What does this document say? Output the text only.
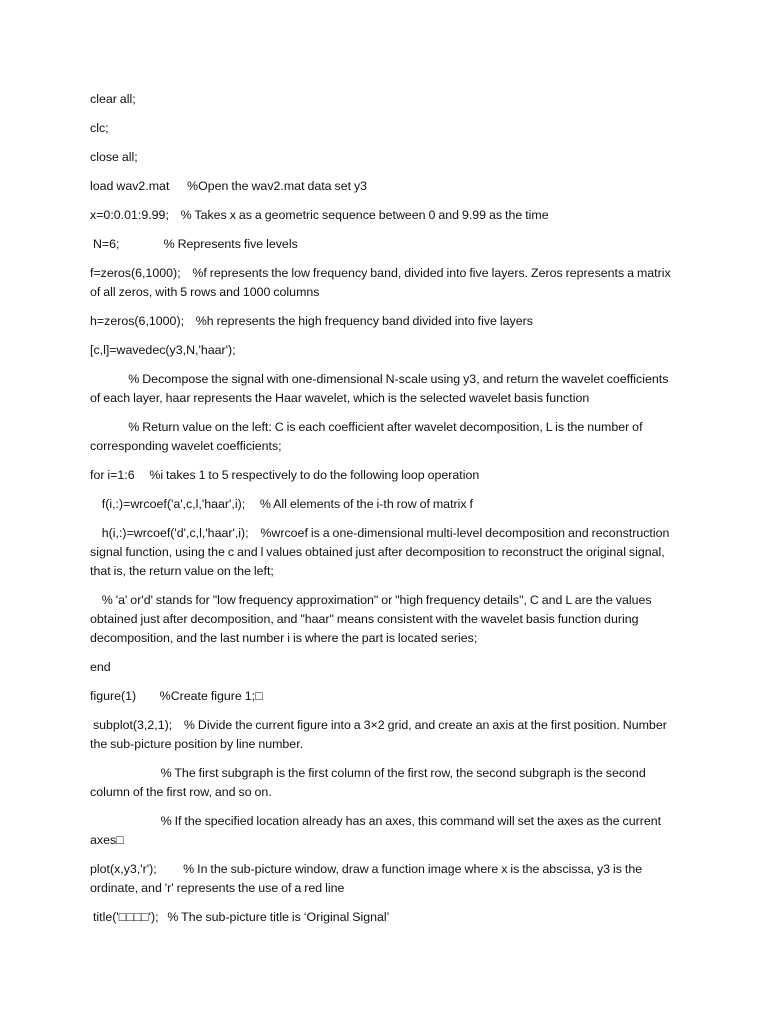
clear all;

clc;

close all;

load wav2.mat      %Open the wav2.mat data set y3

x=0:0.01:9.99;    % Takes x as a geometric sequence between 0 and 9.99 as the time

N=6;               % Represents five levels

f=zeros(6,1000);    %f represents the low frequency band, divided into five layers. Zeros represents a matrix of all zeros, with 5 rows and 1000 columns

h=zeros(6,1000);    %h represents the high frequency band divided into five layers

[c,l]=wavedec(y3,N,'haar');

% Decompose the signal with one-dimensional N-scale using y3, and return the wavelet coefficients of each layer, haar represents the Haar wavelet, which is the selected wavelet basis function

% Return value on the left: C is each coefficient after wavelet decomposition, L is the number of corresponding wavelet coefficients;

for i=1:6     %i takes 1 to 5 respectively to do the following loop operation

f(i,:)=wrcoef('a',c,l,'haar',i);     % All elements of the i-th row of matrix f

h(i,:)=wrcoef('d',c,l,'haar',i);    %wrcoef is a one-dimensional multi-level decomposition and reconstruction signal function, using the c and l values obtained just after decomposition to reconstruct the original signal, that is, the return value on the left;

% 'a' or'd' stands for "low frequency approximation" or "high frequency details", C and L are the values   obtained just after decomposition, and "haar" means consistent with the wavelet basis function during decomposition, and the last number i is where the part is located series;

end

figure(1)        %Create figure 1;□

subplot(3,2,1);    % Divide the current figure into a 3×2 grid, and create an axis at the first position. Number the sub-picture position by line number.

% The first subgraph is the first column of the first row, the second subgraph is the second column of the first row, and so on.

% If the specified location already has an axes, this command will set the axes as the current axes□

plot(x,y3,'r');         % In the sub-picture window, draw a function image where x is the abscissa, y3 is the ordinate, and 'r' represents the use of a red line

title('□□□□');   % The sub-picture title is ‘Original Signal’
